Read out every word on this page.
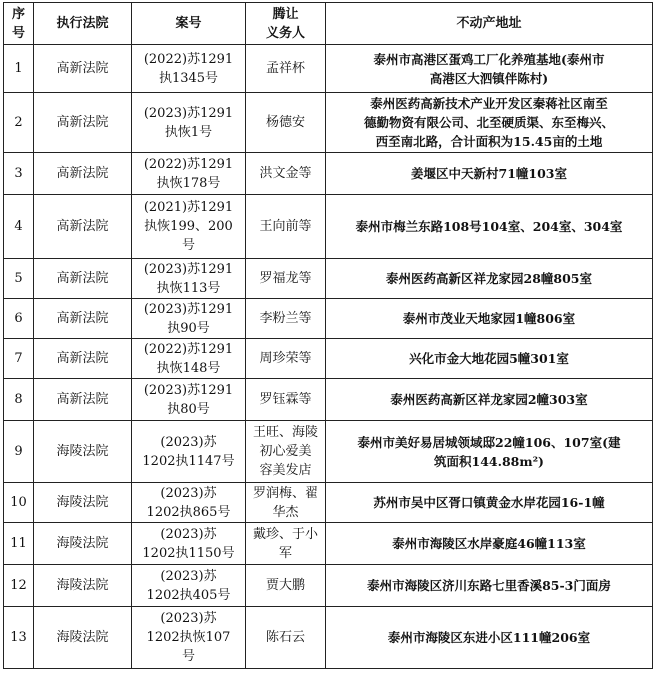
序
号	执行法院	案号	腾让
义务人	不动产地址
1	高新法院	(2022)苏1291
执1345号	孟祥杯	泰州市高港区蛋鸡工厂化养殖基地(泰州市
高港区大泗镇伴陈村)
2	高新法院	(2023)苏1291
执恢1号	杨德安	泰州医药高新技术产业开发区秦蒋社区南至
德勤物资有限公司、北至硬质渠、东至梅兴、
西至南北路，合计面积为15.45亩的土地
3	高新法院	(2022)苏1291
执恢178号	洪文金等	姜堰区中天新村71幢103室
4	高新法院	(2021)苏1291
执恢199、200
号	王向前等	泰州市梅兰东路108号104室、204室、304室
5	高新法院	(2023)苏1291
执恢113号	罗福龙等	泰州医药高新区祥龙家园28幢805室
6	高新法院	(2023)苏1291
执90号	李粉兰等	泰州市茂业天地家园1幢806室
7	高新法院	(2022)苏1291
执恢148号	周珍荣等	兴化市金大地花园5幢301室
8	高新法院	(2023)苏1291
执80号	罗钰霖等	泰州医药高新区祥龙家园2幢303室
9	海陵法院	(2023)苏
1202执1147号	王旺、海陵
初心爱美
容美发店	泰州市美好易居城领域邸22幢106、107室(建
筑面积144.88m²)
10	海陵法院	(2023)苏
1202执865号	罗润梅、翟
华杰	苏州市吴中区胥口镇黄金水岸花园16-1幢
11	海陵法院	(2023)苏
1202执1150号	戴珍、于小
军	泰州市海陵区水岸豪庭46幢113室
12	海陵法院	(2023)苏
1202执405号	贾大鹏	泰州市海陵区济川东路七里香溪85-3门面房
13	海陵法院	(2023)苏
1202执恢107
号	陈石云	泰州市海陵区东进小区111幢206室
